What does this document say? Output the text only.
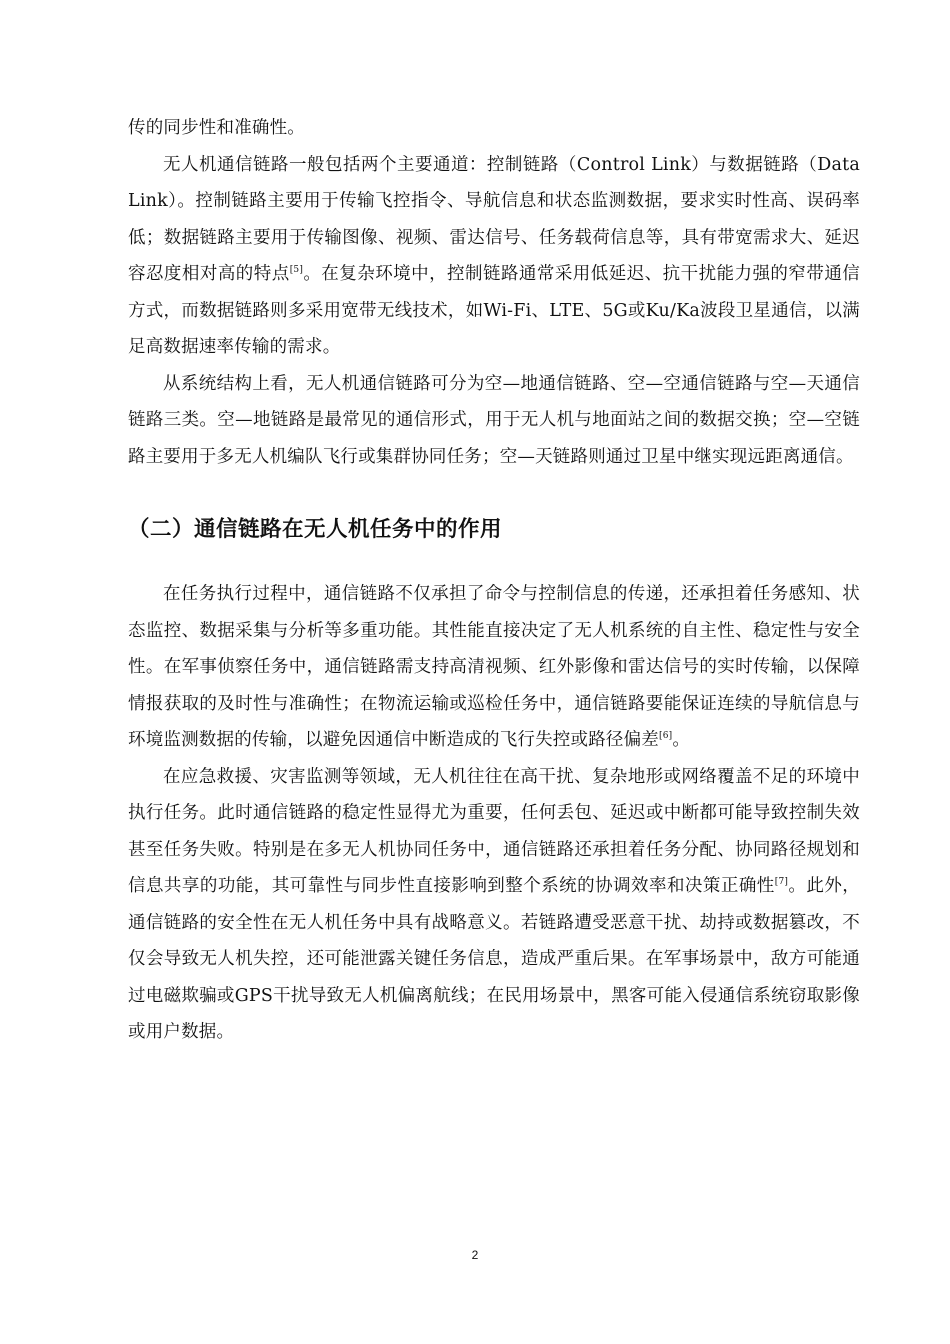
传的同步性和准确性。

无人机通信链路一般包括两个主要通道：控制链路（Control Link）与数据链路（Data Link）。控制链路主要用于传输飞控指令、导航信息和状态监测数据，要求实时性高、误码率低；数据链路主要用于传输图像、视频、雷达信号、任务载荷信息等，具有带宽需求大、延迟容忍度相对高的特点[5]。在复杂环境中，控制链路通常采用低延迟、抗干扰能力强的窄带通信方式，而数据链路则多采用宽带无线技术，如Wi-Fi、LTE、5G或Ku/Ka波段卫星通信，以满足高数据速率传输的需求。

从系统结构上看，无人机通信链路可分为空—地通信链路、空—空通信链路与空—天通信链路三类。空—地链路是最常见的通信形式，用于无人机与地面站之间的数据交换；空—空链路主要用于多无人机编队飞行或集群协同任务；空—天链路则通过卫星中继实现远距离通信。

（二）通信链路在无人机任务中的作用

在任务执行过程中，通信链路不仅承担了命令与控制信息的传递，还承担着任务感知、状态监控、数据采集与分析等多重功能。其性能直接决定了无人机系统的自主性、稳定性与安全性。在军事侦察任务中，通信链路需支持高清视频、红外影像和雷达信号的实时传输，以保障情报获取的及时性与准确性；在物流运输或巡检任务中，通信链路要能保证连续的导航信息与环境监测数据的传输，以避免因通信中断造成的飞行失控或路径偏差[6]。

在应急救援、灾害监测等领域，无人机往往在高干扰、复杂地形或网络覆盖不足的环境中执行任务。此时通信链路的稳定性显得尤为重要，任何丢包、延迟或中断都可能导致控制失效甚至任务失败。特别是在多无人机协同任务中，通信链路还承担着任务分配、协同路径规划和信息共享的功能，其可靠性与同步性直接影响到整个系统的协调效率和决策正确性[7]。此外，通信链路的安全性在无人机任务中具有战略意义。若链路遭受恶意干扰、劫持或数据篡改，不仅会导致无人机失控，还可能泄露关键任务信息，造成严重后果。在军事场景中，敌方可能通过电磁欺骗或GPS干扰导致无人机偏离航线；在民用场景中，黑客可能入侵通信系统窃取影像或用户数据。

2
